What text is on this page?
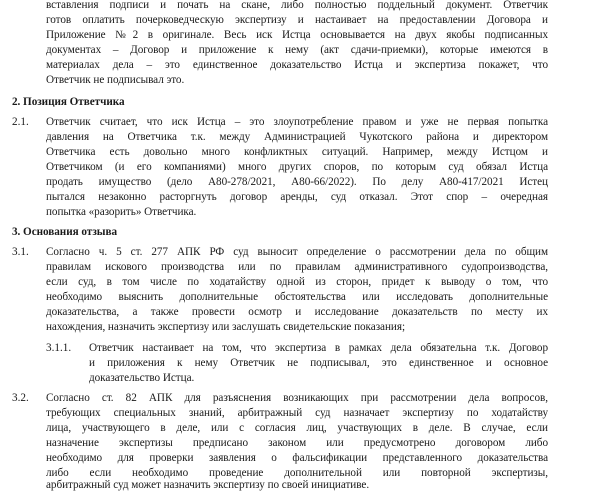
вставления подписи и почать на скане, либо полностью поддельный документ. Ответчик
готов оплатить почерковедческую экспертизу и настаивает на предоставлении Договора и
Приложение №2 в оригинале. Весь иск Истца основывается на двух якобы подписанных
документах – Договор и приложение к нему (акт сдачи-приемки), которые имеются в
материалах дела – это единственное доказательство Истца и экспертиза покажет, что
Ответчик не подписывал это.
2. Позиция Ответчика
2.1. Ответчик считает, что иск Истца – это злоупотребление правом и уже не первая попытка
давления на Ответчика т.к. между Администрацией Чукотского района и директором
Ответчика есть довольно много конфликтных ситуаций. Например, между Истцом и
Ответчиком (и его компаниями) много других споров, по которым суд обязал Истца
продать имущество (дело А80-278/2021, А80-66/2022). По делу А80-417/2021 Истец
пытался незаконно расторгнуть договор аренды, суд отказал. Этот спор – очередная
попытка «разорить» Ответчика.
3. Основания отзыва
3.1. Согласно ч. 5 ст. 277 АПК РФ суд выносит определение о рассмотрении дела по общим
правилам искового производства или по правилам административного судопроизводства,
если суд, в том числе по ходатайству одной из сторон, придет к выводу о том, что
необходимо выяснить дополнительные обстоятельства или исследовать дополнительные
доказательства, а также провести осмотр и исследование доказательств по месту их
нахождения, назначить экспертизу или заслушать свидетельские показания;
3.1.1. Ответчик настаивает на том, что экспертиза в рамках дела обязательна т.к. Договор
и приложения к нему Ответчик не подписывал, это единственное и основное
доказательство Истца.
3.2. Согласно ст. 82 АПК для разъяснения возникающих при рассмотрении дела вопросов,
требующих специальных знаний, арбитражный суд назначает экспертизу по ходатайству
лица, участвующего в деле, или с согласия лиц, участвующих в деле. В случае, если
назначение экспертизы предписано законом или предусмотрено договором либо
необходимо для проверки заявления о фальсификации представленного доказательства
либо если необходимо проведение дополнительной или повторной экспертизы,
арбитражный суд может назначить экспертизу по своей инициативе.
